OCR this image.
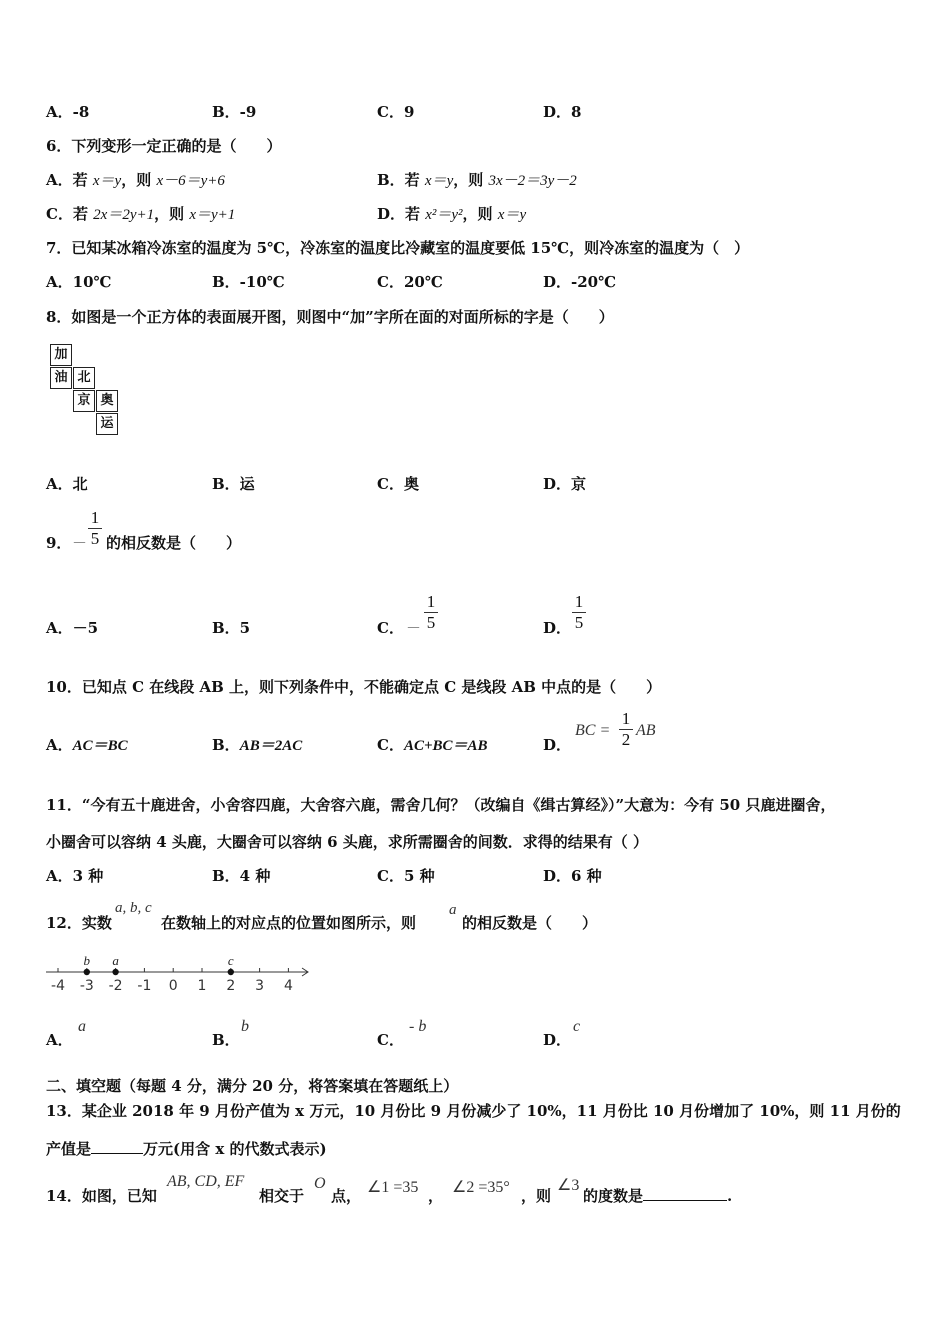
A．-8	B．-9	C．9	D．8
6．下列变形一定正确的是（　　）
A．若 x＝y，则 x－6＝y+6	B．若 x＝y，则 3x－2＝3y－2
C．若 2x＝2y+1，则 x＝y+1	D．若 x²＝y²，则 x＝y
7．已知某冰箱冷冻室的温度为 5℃，冷冻室的温度比冷藏室的温度要低 15℃，则冷冻室的温度为（　）
A．10℃	B．-10℃	C．20℃	D．-20℃
8．如图是一个正方体的表面展开图，则图中“加”字所在面的对面所标的字是（　　）
加
油 北
京 奥
运
A．北	B．运	C．奥	D．京
9． －
1
5 的相反数是（　　）
A．－5	B．5	C． －
1
5	D．
1
5
10．已知点 C 在线段 AB 上，则下列条件中，不能确定点 C 是线段 AB 中点的是（　　）
A．AC＝BC	B．AB＝2AC	C．AC+BC＝AB	D．
BC =
1
2 AB
11．“今有五十鹿进舍，小舍容四鹿，大舍容六鹿，需舍几何？（改编自《缉古算经》）”大意为：今有 50 只鹿进圈舍，
小圈舍可以容纳 4 头鹿，大圈舍可以容纳 6 头鹿，求所需圈舍的间数．求得的结果有（ ）
A．3 种	B．4 种	C．5 种	D．6 种
12．实数
a, b, c
在数轴上的对应点的位置如图所示，则
a
的相反数是（　　）
-4 -3 -2 -1 0 1 2 3 4
b a	c
A．
a
B．
b
C．
- b
D．
c
二、填空题（每题 4 分，满分 20 分，将答案填在答题纸上）
13．某企业 2018 年 9 月份产值为 x 万元，10 月份比 9 月份减少了 10%，11 月份比 10 月份增加了 10%，则 11 月份的
产值是	万元(用含 x 的代数式表示)
14．如图，已知
AB, CD, EF
相交于
O
点， ∠1 =35 ， ∠2 =35° ，则
∠3
的度数是	.
